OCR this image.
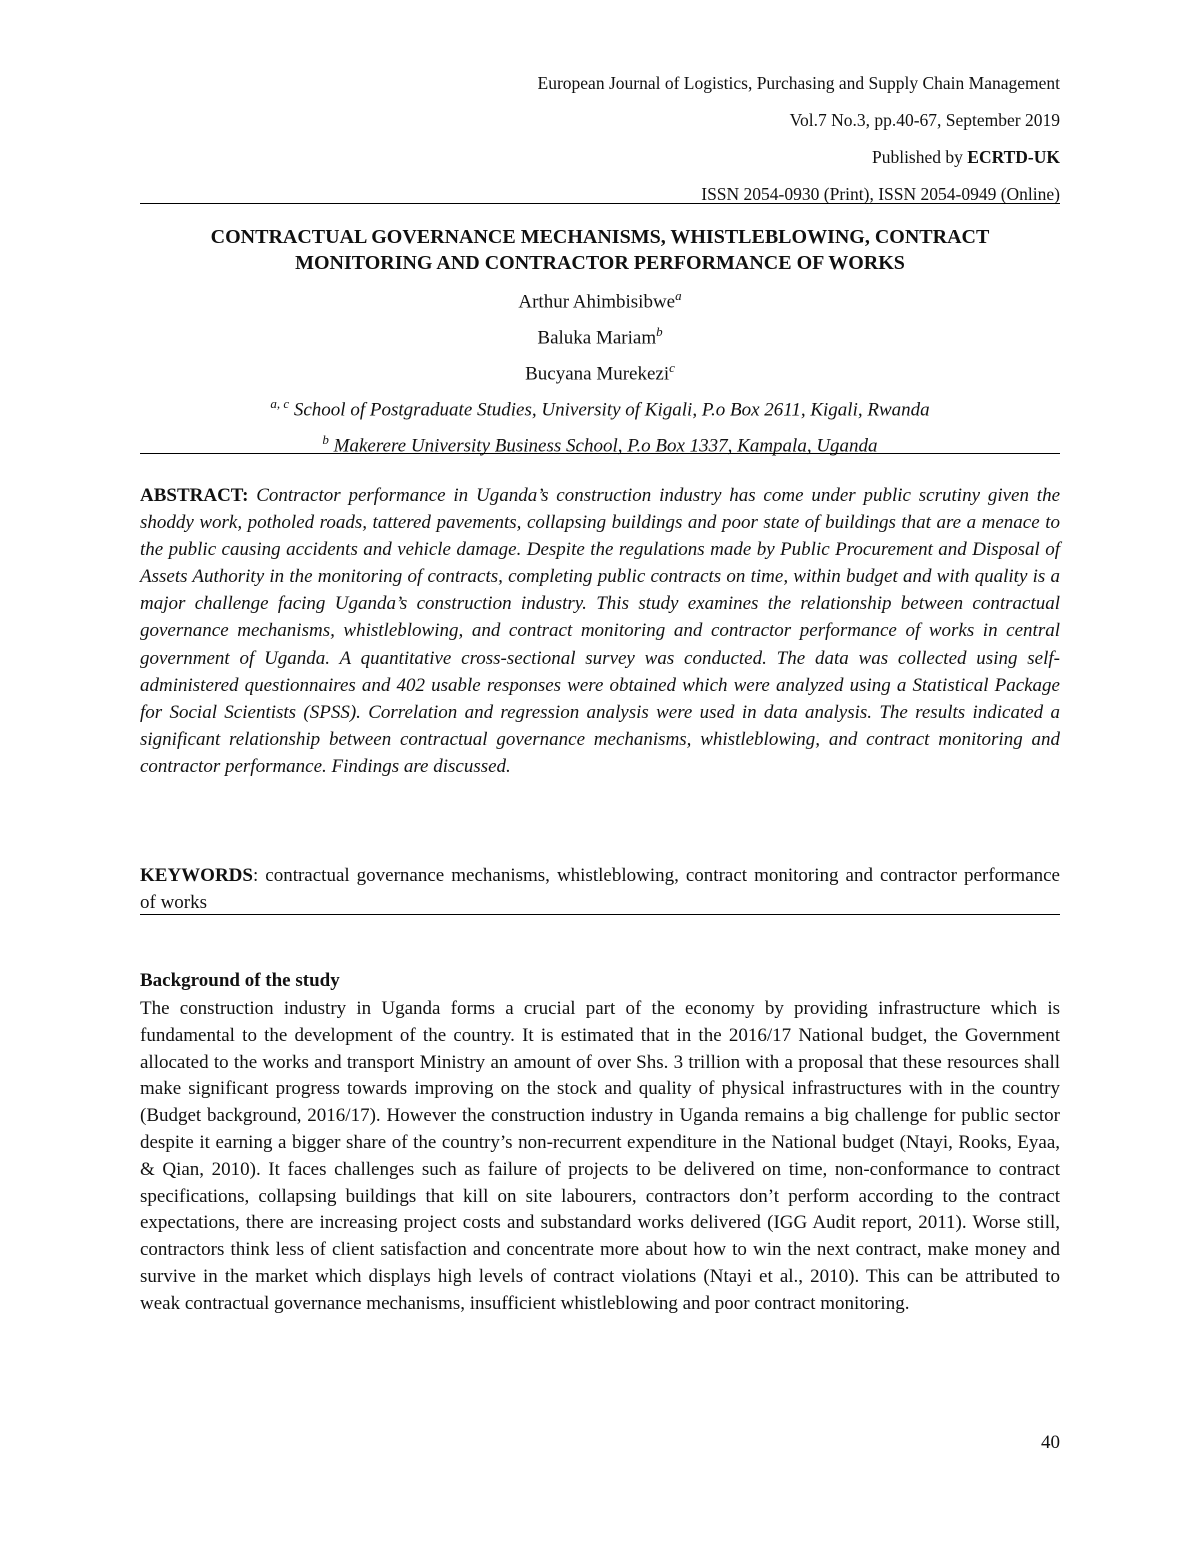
European Journal of Logistics, Purchasing and Supply Chain Management
Vol.7 No.3, pp.40-67, September 2019
Published by ECRTD-UK
ISSN 2054-0930 (Print), ISSN 2054-0949 (Online)
CONTRACTUAL GOVERNANCE MECHANISMS, WHISTLEBLOWING, CONTRACT
MONITORING AND CONTRACTOR PERFORMANCE OF WORKS
Arthur Ahimbisibwe$^a$
Baluka Mariam$^b$
Bucyana Murekezi$^c$
$^{a, c}$ School of Postgraduate Studies, University of Kigali, P.o Box 2611, Kigali, Rwanda
$^b$ Makerere University Business School, P.o Box 1337, Kampala, Uganda
ABSTRACT: Contractor performance in Uganda’s construction industry has come under public scrutiny given the shoddy work, potholed roads, tattered pavements, collapsing buildings and poor state of buildings that are a menace to the public causing accidents and vehicle damage. Despite the regulations made by Public Procurement and Disposal of Assets Authority in the monitoring of contracts, completing public contracts on time, within budget and with quality is a major challenge facing Uganda’s construction industry. This study examines the relationship between contractual governance mechanisms, whistleblowing, and contract monitoring and contractor performance of works in central government of Uganda. A quantitative cross-sectional survey was conducted. The data was collected using self-administered questionnaires and 402 usable responses were obtained which were analyzed using a Statistical Package for Social Scientists (SPSS). Correlation and regression analysis were used in data analysis. The results indicated a significant relationship between contractual governance mechanisms, whistleblowing, and contract monitoring and contractor performance. Findings are discussed.
KEYWORDS: contractual governance mechanisms, whistleblowing, contract monitoring and contractor performance of works
Background of the study
The construction industry in Uganda forms a crucial part of the economy by providing infrastructure which is fundamental to the development of the country. It is estimated that in the 2016/17 National budget, the Government allocated to the works and transport Ministry an amount of over Shs. 3 trillion with a proposal that these resources shall make significant progress towards improving on the stock and quality of physical infrastructures with in the country (Budget background, 2016/17). However the construction industry in Uganda remains a big challenge for public sector despite it earning a bigger share of the country’s non-recurrent expenditure in the National budget (Ntayi, Rooks, Eyaa, & Qian, 2010). It faces challenges such as failure of projects to be delivered on time, non-conformance to contract specifications, collapsing buildings that kill on site labourers, contractors don’t perform according to the contract expectations, there are increasing project costs and substandard works delivered (IGG Audit report, 2011). Worse still, contractors think less of client satisfaction and concentrate more about how to win the next contract, make money and survive in the market which displays high levels of contract violations (Ntayi et al., 2010). This can be attributed to weak contractual governance mechanisms, insufficient whistleblowing and poor contract monitoring.
40
